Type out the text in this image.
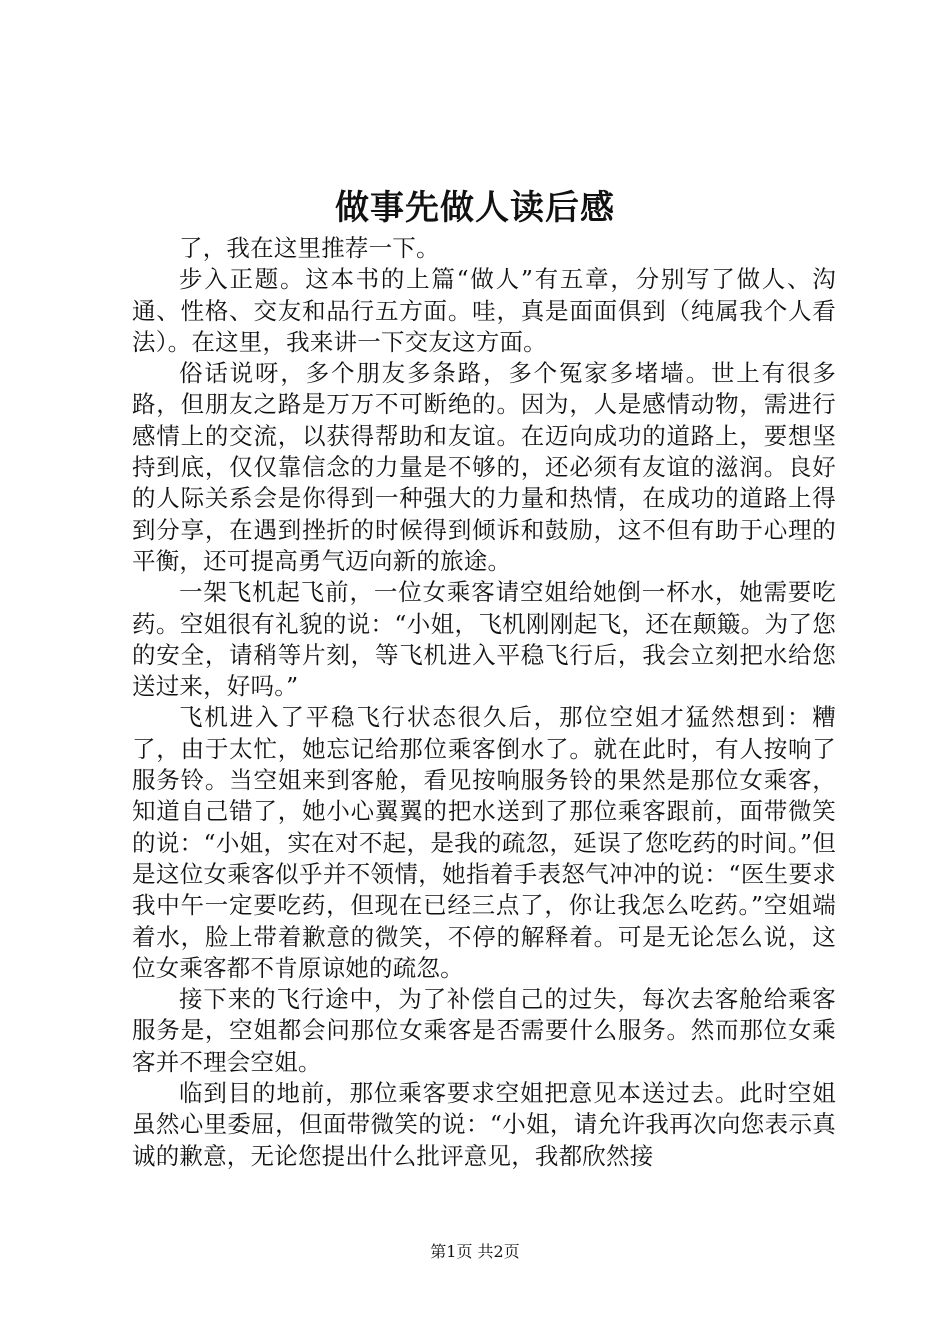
做事先做人读后感

了，我在这里推荐一下。

步入正题。这本书的上篇“做人”有五章，分别写了做人、沟通、性格、交友和品行五方面。哇，真是面面俱到（纯属我个人看法）。在这里，我来讲一下交友这方面。

俗话说呀，多个朋友多条路，多个冤家多堵墙。世上有很多路，但朋友之路是万万不可断绝的。因为，人是感情动物，需进行感情上的交流，以获得帮助和友谊。在迈向成功的道路上，要想坚持到底，仅仅靠信念的力量是不够的，还必须有友谊的滋润。良好的人际关系会是你得到一种强大的力量和热情，在成功的道路上得到分享，在遇到挫折的时候得到倾诉和鼓励，这不但有助于心理的平衡，还可提高勇气迈向新的旅途。

一架飞机起飞前，一位女乘客请空姐给她倒一杯水，她需要吃药。空姐很有礼貌的说：“小姐，飞机刚刚起飞，还在颠簸。为了您的安全，请稍等片刻，等飞机进入平稳飞行后，我会立刻把水给您送过来，好吗。”

飞机进入了平稳飞行状态很久后，那位空姐才猛然想到：糟了，由于太忙，她忘记给那位乘客倒水了。就在此时，有人按响了服务铃。当空姐来到客舱，看见按响服务铃的果然是那位女乘客，知道自己错了，她小心翼翼的把水送到了那位乘客跟前，面带微笑的说：“小姐，实在对不起，是我的疏忽，延误了您吃药的时间。”但是这位女乘客似乎并不领情，她指着手表怒气冲冲的说：“医生要求我中午一定要吃药，但现在已经三点了，你让我怎么吃药。”空姐端着水，脸上带着歉意的微笑，不停的解释着。可是无论怎么说，这位女乘客都不肯原谅她的疏忽。

接下来的飞行途中，为了补偿自己的过失，每次去客舱给乘客服务是，空姐都会问那位女乘客是否需要什么服务。然而那位女乘客并不理会空姐。

临到目的地前，那位乘客要求空姐把意见本送过去。此时空姐虽然心里委屈，但面带微笑的说：“小姐，请允许我再次向您表示真诚的歉意，无论您提出什么批评意见，我都欣然接

第1页 共2页
